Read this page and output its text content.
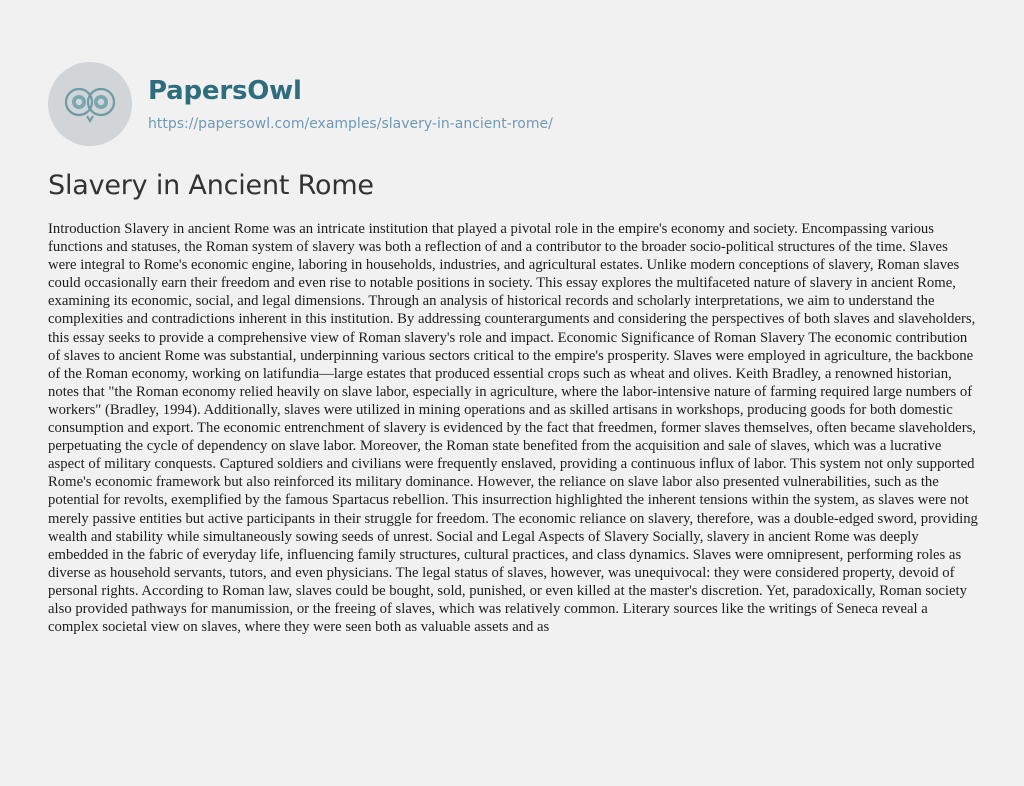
PapersOwl
https://papersowl.com/examples/slavery-in-ancient-rome/
Slavery in Ancient Rome

Introduction Slavery in ancient Rome was an intricate institution that played a pivotal role in the empire's economy and society. Encompassing various functions and statuses, the Roman system of slavery was both a reflection of and a contributor to the broader socio-political structures of the time. Slaves were integral to Rome's economic engine, laboring in households, industries, and agricultural estates. Unlike modern conceptions of slavery, Roman slaves could occasionally earn their freedom and even rise to notable positions in society. This essay explores the multifaceted nature of slavery in ancient Rome, examining its economic, social, and legal dimensions. Through an analysis of historical records and scholarly interpretations, we aim to understand the complexities and contradictions inherent in this institution. By addressing counterarguments and considering the perspectives of both slaves and slaveholders, this essay seeks to provide a comprehensive view of Roman slavery's role and impact. Economic Significance of Roman Slavery The economic contribution of slaves to ancient Rome was substantial, underpinning various sectors critical to the empire's prosperity. Slaves were employed in agriculture, the backbone of the Roman economy, working on latifundia—large estates that produced essential crops such as wheat and olives. Keith Bradley, a renowned historian, notes that "the Roman economy relied heavily on slave labor, especially in agriculture, where the labor-intensive nature of farming required large numbers of workers" (Bradley, 1994). Additionally, slaves were utilized in mining operations and as skilled artisans in workshops, producing goods for both domestic consumption and export. The economic entrenchment of slavery is evidenced by the fact that freedmen, former slaves themselves, often became slaveholders, perpetuating the cycle of dependency on slave labor. Moreover, the Roman state benefited from the acquisition and sale of slaves, which was a lucrative aspect of military conquests. Captured soldiers and civilians were frequently enslaved, providing a continuous influx of labor. This system not only supported Rome's economic framework but also reinforced its military dominance. However, the reliance on slave labor also presented vulnerabilities, such as the potential for revolts, exemplified by the famous Spartacus rebellion. This insurrection highlighted the inherent tensions within the system, as slaves were not merely passive entities but active participants in their struggle for freedom. The economic reliance on slavery, therefore, was a double-edged sword, providing wealth and stability while simultaneously sowing seeds of unrest. Social and Legal Aspects of Slavery Socially, slavery in ancient Rome was deeply embedded in the fabric of everyday life, influencing family structures, cultural practices, and class dynamics. Slaves were omnipresent, performing roles as diverse as household servants, tutors, and even physicians. The legal status of slaves, however, was unequivocal: they were considered property, devoid of personal rights. According to Roman law, slaves could be bought, sold, punished, or even killed at the master's discretion. Yet, paradoxically, Roman society also provided pathways for manumission, or the freeing of slaves, which was relatively common. Literary sources like the writings of Seneca reveal a complex societal view on slaves, where they were seen both as valuable assets and as
